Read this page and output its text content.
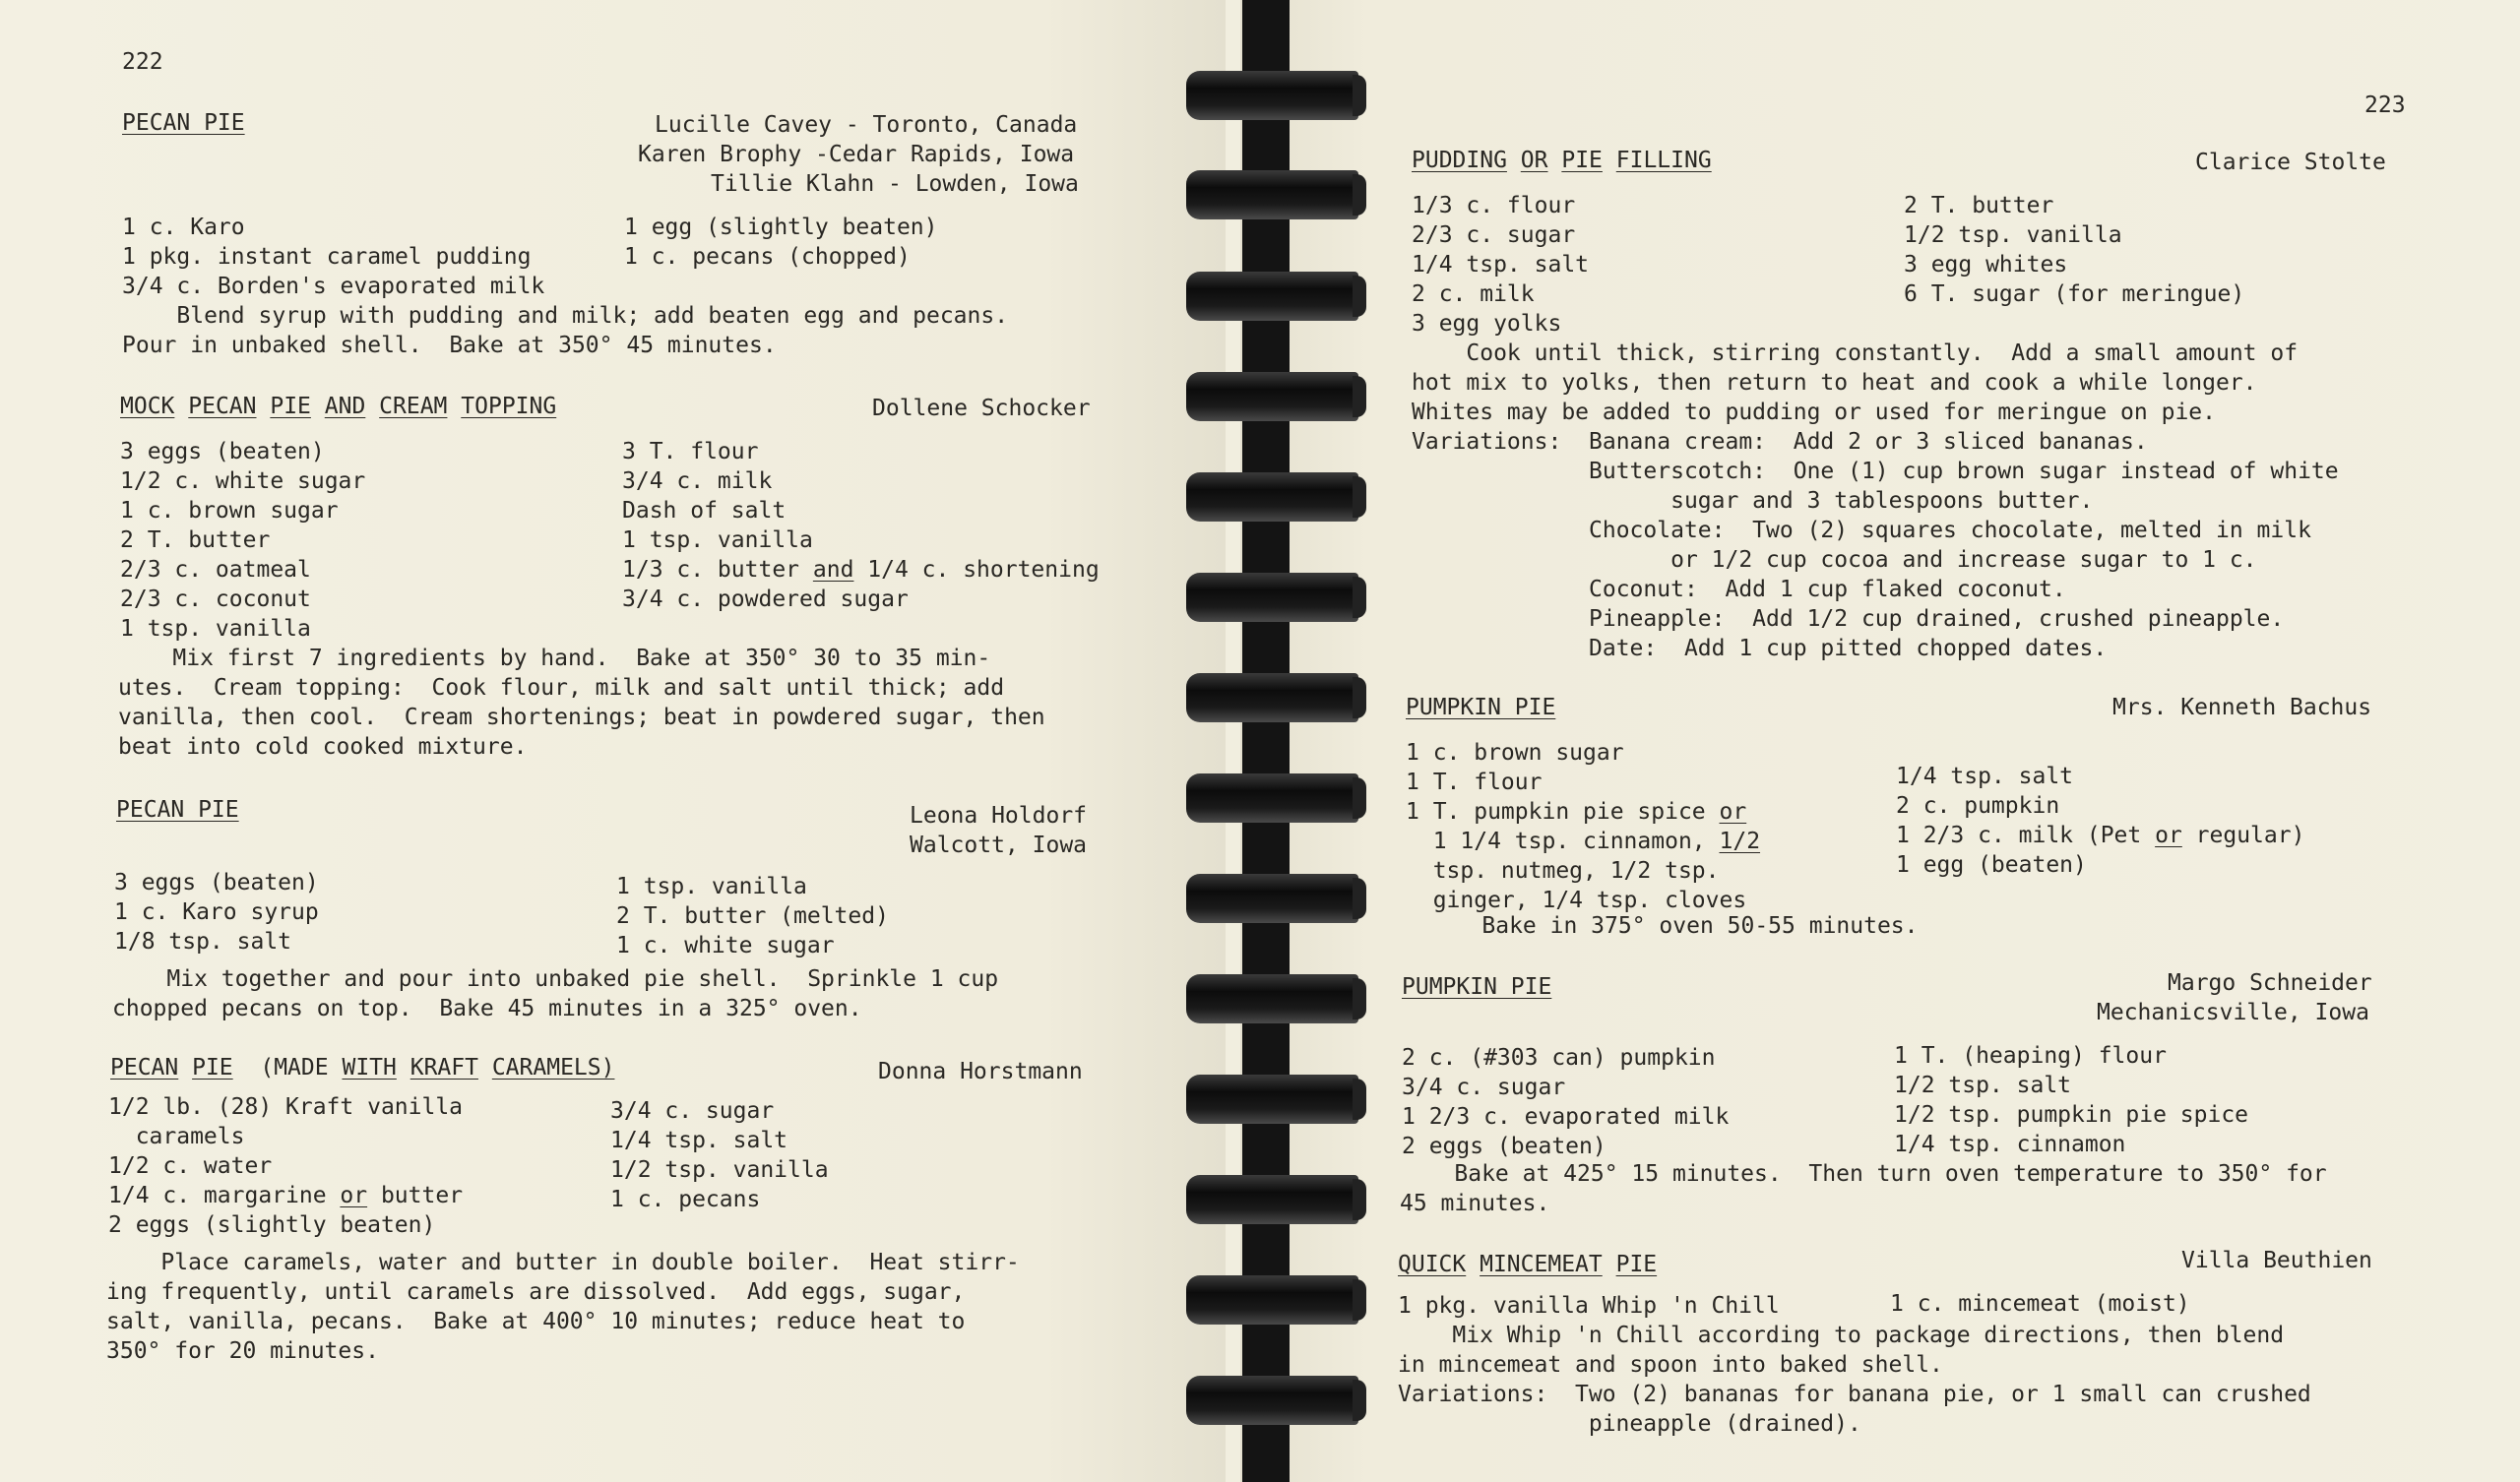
222
PECAN PIE	Lucille Cavey - Toronto, Canada
Karen Brophy -Cedar Rapids, Iowa
Tillie Klahn - Lowden, Iowa
1 c. Karo
1 pkg. instant caramel pudding
3/4 c. Borden's evaporated milk
1 egg (slightly beaten)
1 c. pecans (chopped)
Blend syrup with pudding and milk; add beaten egg and pecans.
Pour in unbaked shell.  Bake at 350° 45 minutes.
MOCK PECAN PIE AND CREAM TOPPING	Dollene Schocker
3 eggs (beaten)
1/2 c. white sugar
1 c. brown sugar
2 T. butter
2/3 c. oatmeal
2/3 c. coconut
1 tsp. vanilla
3 T. flour
3/4 c. milk
Dash of salt
1 tsp. vanilla
1/3 c. butter and 1/4 c. shortening
3/4 c. powdered sugar
Mix first 7 ingredients by hand.  Bake at 350° 30 to 35 min-
utes.  Cream topping:  Cook flour, milk and salt until thick; add
vanilla, then cool.  Cream shortenings; beat in powdered sugar, then
beat into cold cooked mixture.
PECAN PIE	Leona Holdorf
Walcott, Iowa
3 eggs (beaten)
1 c. Karo syrup
1/8 tsp. salt
1 tsp. vanilla
2 T. butter (melted)
1 c. white sugar
Mix together and pour into unbaked pie shell.  Sprinkle 1 cup
chopped pecans on top.  Bake 45 minutes in a 325° oven.
PECAN PIE (MADE WITH KRAFT CARAMELS)	Donna Horstmann
1/2 lb. (28) Kraft vanilla
caramels
1/2 c. water
1/4 c. margarine or butter
2 eggs (slightly beaten)
3/4 c. sugar
1/4 tsp. salt
1/2 tsp. vanilla
1 c. pecans
Place caramels, water and butter in double boiler.  Heat stirr-
ing frequently, until caramels are dissolved.  Add eggs, sugar,
salt, vanilla, pecans.  Bake at 400° 10 minutes; reduce heat to
350° for 20 minutes.
223
PUDDING OR PIE FILLING	Clarice Stolte
1/3 c. flour
2/3 c. sugar
1/4 tsp. salt
2 c. milk
3 egg yolks
2 T. butter
1/2 tsp. vanilla
3 egg whites
6 T. sugar (for meringue)
Cook until thick, stirring constantly.  Add a small amount of
hot mix to yolks, then return to heat and cook a while longer.
Whites may be added to pudding or used for meringue on pie.
Variations:  Banana cream:  Add 2 or 3 sliced bananas.
Butterscotch:  One (1) cup brown sugar instead of white
sugar and 3 tablespoons butter.
Chocolate:  Two (2) squares chocolate, melted in milk
or 1/2 cup cocoa and increase sugar to 1 c.
Coconut:  Add 1 cup flaked coconut.
Pineapple:  Add 1/2 cup drained, crushed pineapple.
Date:  Add 1 cup pitted chopped dates.
PUMPKIN PIE	Mrs. Kenneth Bachus
1 c. brown sugar
1 T. flour
1 T. pumpkin pie spice or
1 1/4 tsp. cinnamon, 1/2
tsp. nutmeg, 1/2 tsp.
ginger, 1/4 tsp. cloves
1/4 tsp. salt
2 c. pumpkin
1 2/3 c. milk (Pet or regular)
1 egg (beaten)
Bake in 375° oven 50-55 minutes.
PUMPKIN PIE	Margo Schneider
Mechanicsville, Iowa
2 c. (#303 can) pumpkin
3/4 c. sugar
1 2/3 c. evaporated milk
2 eggs (beaten)
1 T. (heaping) flour
1/2 tsp. salt
1/2 tsp. pumpkin pie spice
1/4 tsp. cinnamon
Bake at 425° 15 minutes.  Then turn oven temperature to 350° for
45 minutes.
QUICK MINCEMEAT PIE	Villa Beuthien
1 pkg. vanilla Whip 'n Chill	1 c. mincemeat (moist)
Mix Whip 'n Chill according to package directions, then blend
in mincemeat and spoon into baked shell.
Variations:  Two (2) bananas for banana pie, or 1 small can crushed
pineapple (drained).
